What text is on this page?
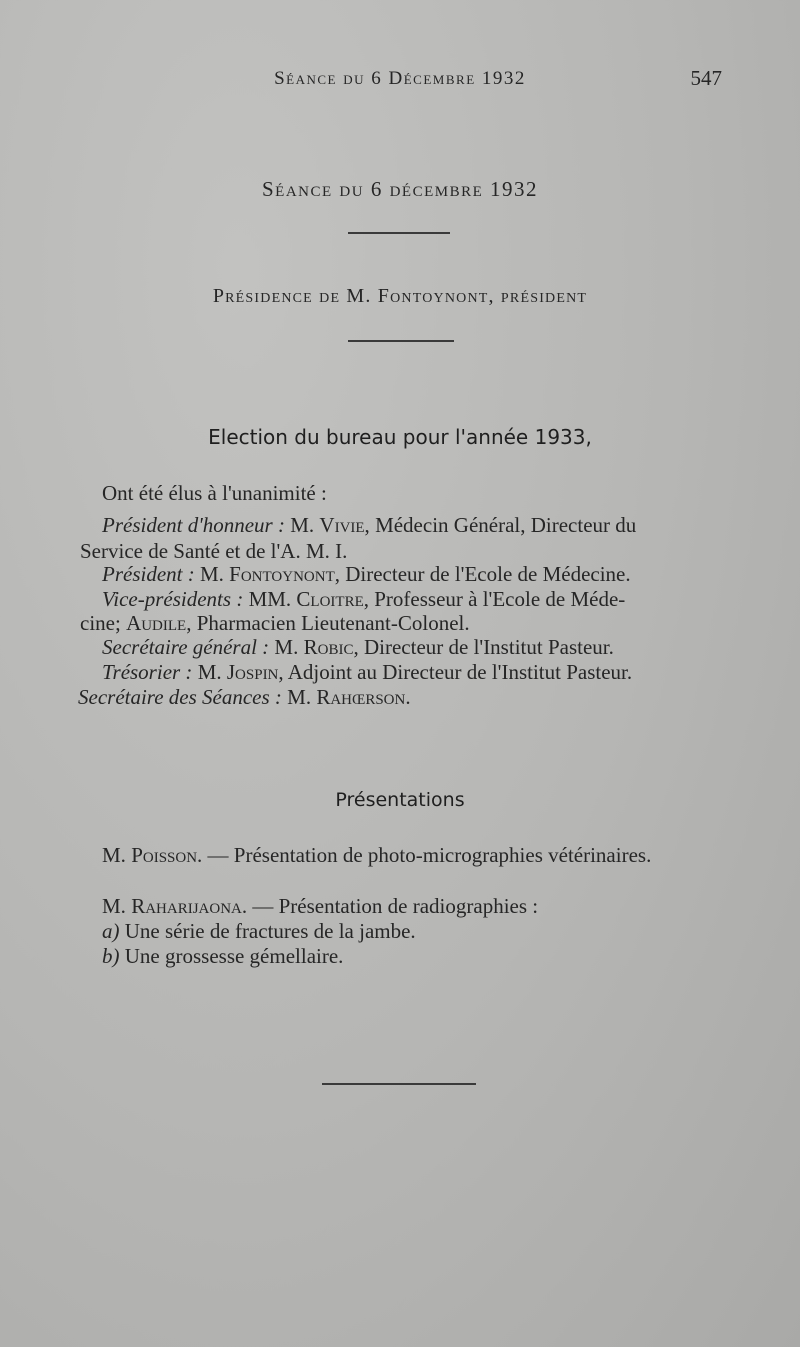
Séance du 6 Décembre 1932	547
Séance du 6 décembre 1932
Présidence de M. Fontoynont, président
Election du bureau pour l'année 1933,
Ont été élus à l'unanimité :
Président d'honneur : M. Vivie, Médecin Général, Directeur du
Service de Santé et de l'A. M. I.
Président : M. Fontoynont, Directeur de l'Ecole de Médecine.
Vice-présidents : MM. Cloitre, Professeur à l'Ecole de Méde-
cine; Audile, Pharmacien Lieutenant-Colonel.
Secrétaire général : M. Robic, Directeur de l'Institut Pasteur.
Trésorier : M. Jospin, Adjoint au Directeur de l'Institut Pasteur.
Secrétaire des Séances : M. Rahœrson.
Présentations
M. Poisson. — Présentation de photo-micrographies vétérinaires.
M. Raharijaona. — Présentation de radiographies :
a) Une série de fractures de la jambe.
b) Une grossesse gémellaire.
